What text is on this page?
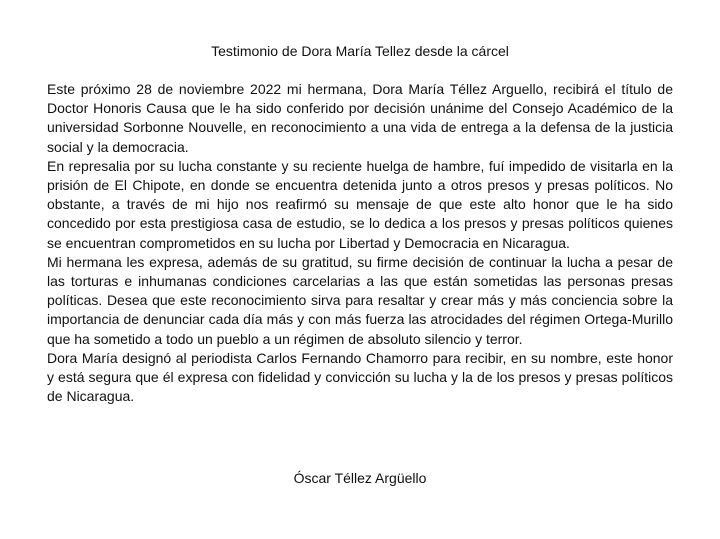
Testimonio de Dora María Tellez desde la cárcel

Este próximo 28 de noviembre 2022 mi hermana, Dora María Téllez Arguello, recibirá el título de Doctor Honoris Causa que le ha sido conferido por decisión unánime del Consejo Académico de la universidad Sorbonne Nouvelle, en reconocimiento a una vida de entrega a la defensa de la justicia social y la democracia.

En represalia por su lucha constante y su reciente huelga de hambre, fuí impedido de visitarla en la prisión de El Chipote, en donde se encuentra detenida junto a otros presos y presas políticos. No obstante, a través de mi hijo nos reafirmó su mensaje de que este alto honor que le ha sido concedido por esta prestigiosa casa de estudio, se lo dedica a los presos y presas políticos quienes se encuentran comprometidos en su lucha por Libertad y Democracia en Nicaragua.

Mi hermana les expresa, además de su gratitud, su firme decisión de continuar la lucha a pesar de las torturas e inhumanas condiciones carcelarias a las que están sometidas las personas presas políticas. Desea que este reconocimiento sirva para resaltar y crear más y más conciencia sobre la importancia de denunciar cada día más y con más fuerza las atrocidades del régimen Ortega-Murillo que ha sometido a todo un pueblo a un régimen de absoluto silencio y terror.

Dora María designó al periodista Carlos Fernando Chamorro para recibir, en su nombre, este honor y está segura que él expresa con fidelidad y convicción su lucha y la de los presos y presas políticos de Nicaragua.

Óscar Téllez Argüello
